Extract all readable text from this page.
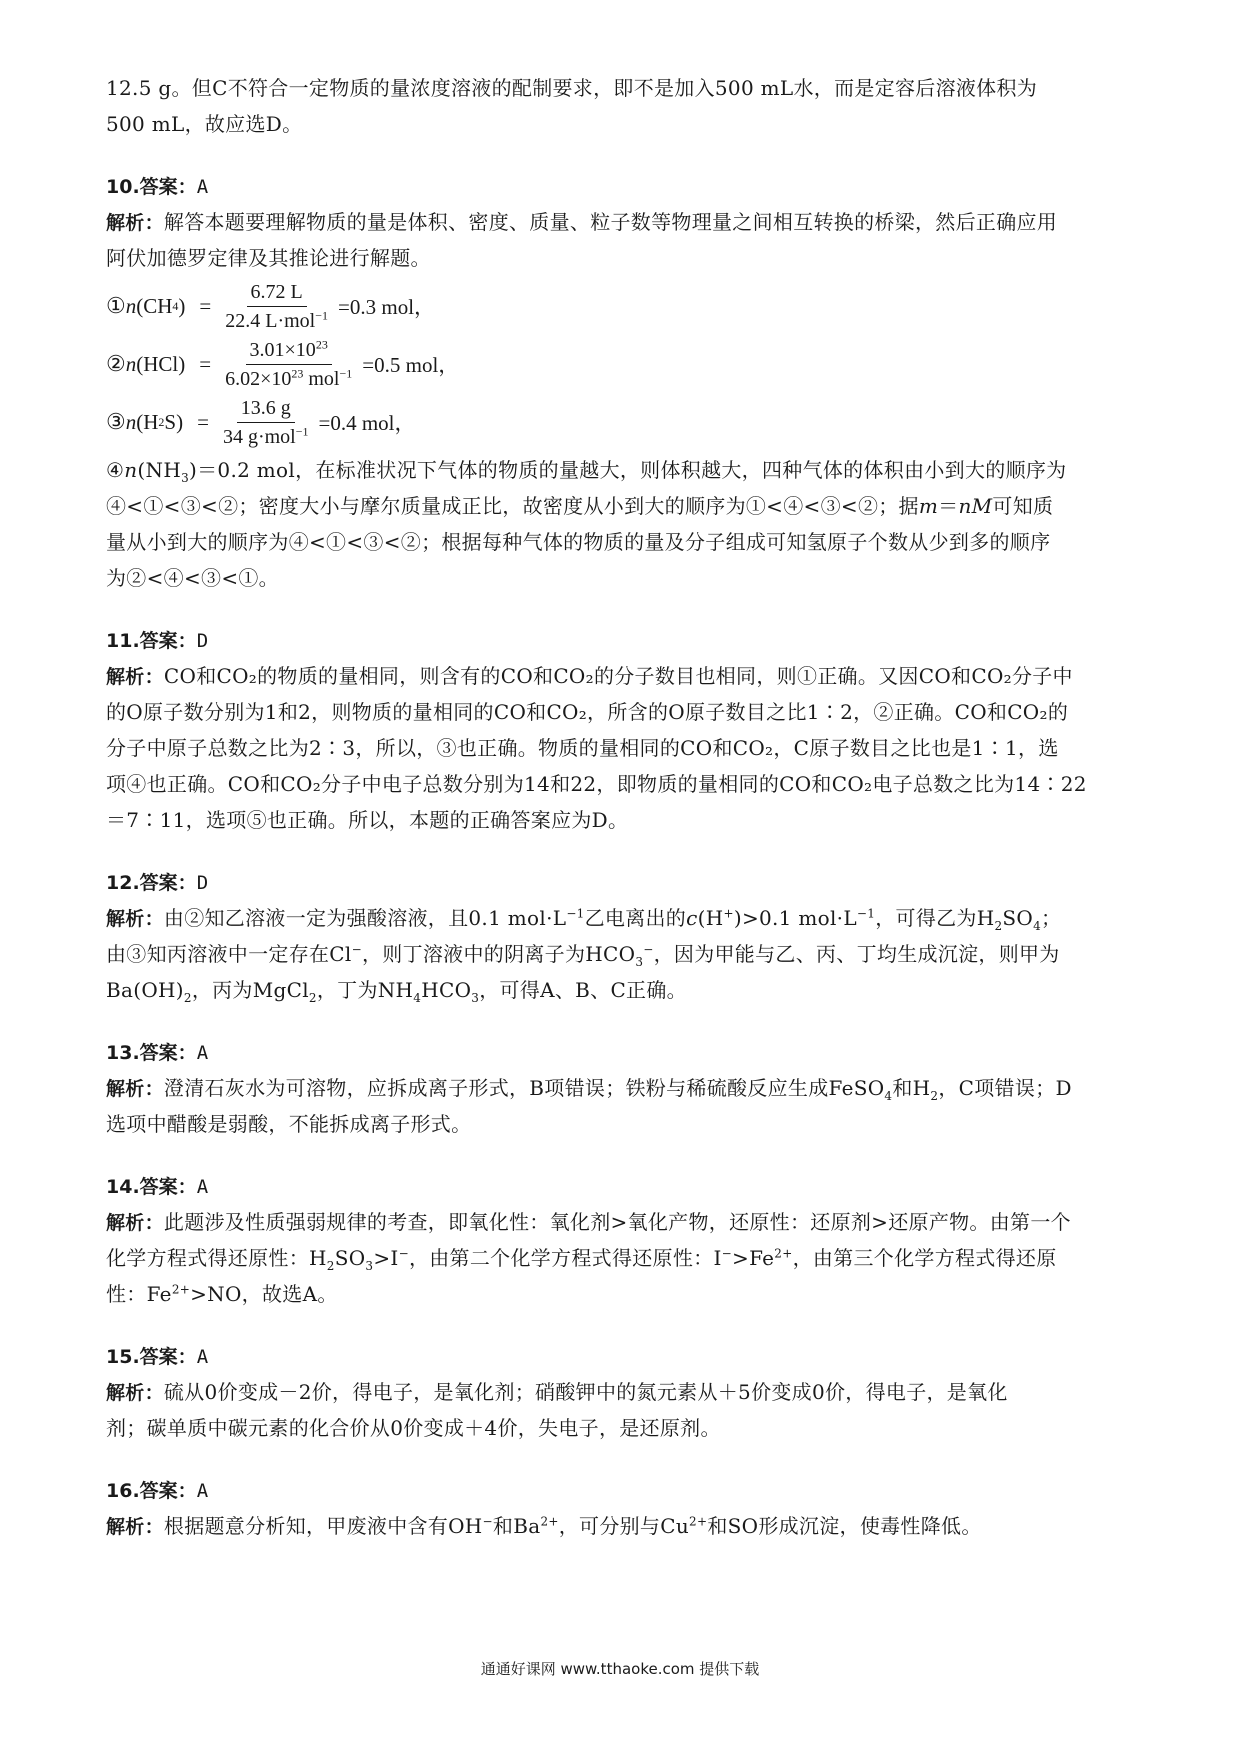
12.5 g。但C不符合一定物质的量浓度溶液的配制要求，即不是加入500 mL水，而是定容后溶液体积为
500 mL，故应选D。
10.答案：A
解析：解答本题要理解物质的量是体积、密度、质量、粒子数等物理量之间相互转换的桥梁，然后正确应用
阿伏加德罗定律及其推论进行解题。
① n (CH 4 ) = $\frac{6.72 L}{22.4 L\cdot mol^{-1}} =0.3$ mol，
② n $(HCl) = \frac{3.01\times 10^{23}}{6.02\times 10^{23} mol^{-1}} =0.5$ mol，
③ n (H 2 $S) = \frac{13.6 g}{34 g\cdot mol^{-1}} =0.4$ mol，
$④n(NH_3)=0.2$ mol，在标准状况下气体的物质的量越大，则体积越大，四种气体的体积由小到大的顺序为
④<①<③<②；密度大小与摩尔质量成正比，故密度从小到大的顺序为①<④<③<②；据m＝nM可知质
量从小到大的顺序为④<①<③<②；根据每种气体的物质的量及分子组成可知氢原子个数从少到多的顺序
为②<④<③<①。
11.答案：D
解析：CO和CO₂的物质的量相同，则含有的CO和CO₂的分子数目也相同，则①正确。又因CO和CO₂分子中
的O原子数分别为1和2，则物质的量相同的CO和CO₂，所含的O原子数目之比1∶2，②正确。CO和CO₂的
分子中原子总数之比为2∶3，所以，③也正确。物质的量相同的CO和CO₂，C原子数目之比也是1∶1，选
项④也正确。CO和CO₂分子中电子总数分别为14和22，即物质的量相同的CO和CO₂电子总数之比为14∶22
＝7∶11，选项⑤也正确。所以，本题的正确答案应为D。
12.答案：D
解析：由②知乙溶液一定为强酸溶液，且0.1 $mol\cdot L^{-1}$乙电离出的c(H+)>0.1 $mol\cdot L^{-1}$，可得乙为$H_2SO_4$；
由③知丙溶液中一定存在Cl−，则丁溶液中的阴离子为$HCO_3^-$，因为甲能与乙、丙、丁均生成沉淀，则甲为
$Ba(OH)_2$，丙为MgCl$_2$，丁为$NH_4HCO_3$，可得A、B、C正确。
13.答案：A
解析：澄清石灰水为可溶物，应拆成离子形式，B项错误；铁粉与稀硫酸反应生成FeSO$_4$和$H_2$，C项错误；D
选项中醋酸是弱酸，不能拆成离子形式。
14.答案：A
解析：此题涉及性质强弱规律的考查，即氧化性：氧化剂>氧化产物，还原性：还原剂>还原产物。由第一个
化学方程式得还原性：$H_2SO_3>I^-$，由第二个化学方程式得还原性：$I^->Fe^{2+}$，由第三个化学方程式得还原
性：$Fe^{2+}>NO$，故选A。
15.答案：A
解析：硫从0价变成－2价，得电子，是氧化剂；硝酸钾中的氮元素从＋5价变成0价，得电子，是氧化
剂；碳单质中碳元素的化合价从0价变成＋4价，失电子，是还原剂。
16.答案：A
解析：根据题意分析知，甲废液中含有OH−和$Ba^{2+}$，可分别与$Cu^{2+}$和SO形成沉淀，使毒性降低。
通通好课网 www.tthaoke.com 提供下载
